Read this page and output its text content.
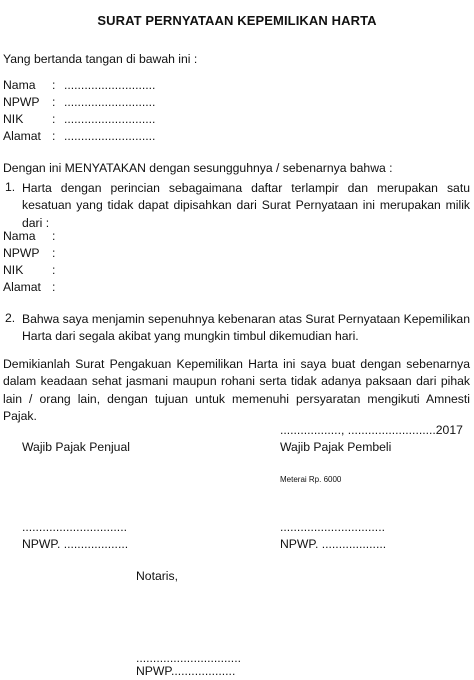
SURAT PERNYATAAN KEPEMILIKAN HARTA
Yang bertanda tangan di bawah ini :
Nama : ...........................
NPWP : ...........................
NIK : ...........................
Alamat : ...........................
Dengan ini MENYATAKAN dengan sesungguhnya / sebenarnya bahwa :
1. Harta dengan perincian sebagaimana daftar terlampir dan merupakan satu kesatuan yang tidak dapat dipisahkan dari Surat Pernyataan ini merupakan milik dari :
Nama :
NPWP :
NIK :
Alamat :
2. Bahwa saya menjamin sepenuhnya kebenaran atas Surat Pernyataan Kepemilikan Harta dari segala akibat yang mungkin timbul dikemudian hari.
Demikianlah Surat Pengakuan Kepemilikan Harta ini saya buat dengan sebenarnya dalam keadaan sehat jasmani maupun rohani serta tidak adanya paksaan dari pihak lain / orang lain, dengan tujuan untuk memenuhi persyaratan mengikuti Amnesti Pajak.
.................., ..........................2017
Wajib Pajak Penjual
...............................
NPWP. ...................
Wajib Pajak Pembeli
Meterai Rp. 6000
...............................
NPWP. ...................
Notaris,
...............................
NPWP...................
